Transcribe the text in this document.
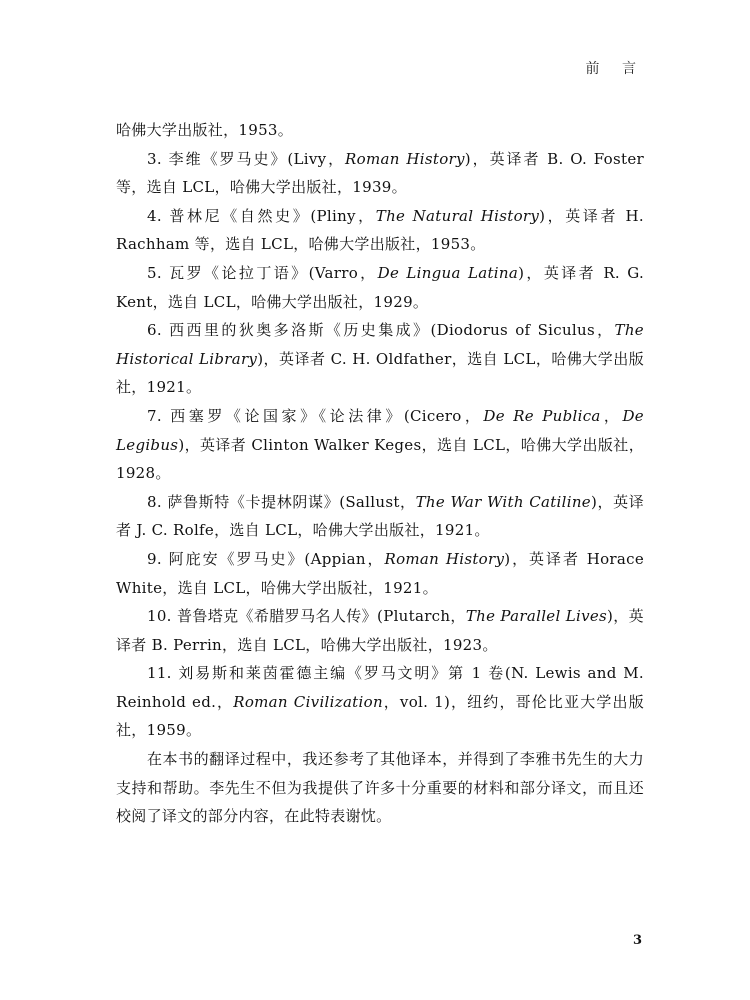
前 言

哈佛大学出版社，1953。

3. 李维《罗马史》(Livy，Roman History)，英译者 B. O. Foster 等，选自 LCL，哈佛大学出版社，1939。

4. 普林尼《自然史》(Pliny，The Natural History)，英译者 H. Rachham 等，选自 LCL，哈佛大学出版社，1953。

5. 瓦罗《论拉丁语》(Varro，De Lingua Latina)，英译者 R. G. Kent，选自 LCL，哈佛大学出版社，1929。

6. 西西里的狄奥多洛斯《历史集成》(Diodorus of Siculus，The Historical Library)，英译者 C. H. Oldfather，选自 LCL，哈佛大学出版社，1921。

7. 西塞罗《论国家》《论法律》(Cicero，De Re Publica，De Legibus)，英译者 Clinton Walker Keges，选自 LCL，哈佛大学出版社，1928。

8. 萨鲁斯特《卡提林阴谋》(Sallust，The War With Catiline)，英译者 J. C. Rolfe，选自 LCL，哈佛大学出版社，1921。

9. 阿庇安《罗马史》(Appian，Roman History)，英译者 Horace White，选自 LCL，哈佛大学出版社，1921。

10. 普鲁塔克《希腊罗马名人传》(Plutarch，The Parallel Lives)，英译者 B. Perrin，选自 LCL，哈佛大学出版社，1923。

11. 刘易斯和莱茵霍德主编《罗马文明》第 1 卷(N. Lewis and M. Reinhold ed.，Roman Civilization，vol. 1)，纽约，哥伦比亚大学出版社，1959。

在本书的翻译过程中，我还参考了其他译本，并得到了李雅书先生的大力支持和帮助。李先生不但为我提供了许多十分重要的材料和部分译文，而且还校阅了译文的部分内容，在此特表谢忱。

3
